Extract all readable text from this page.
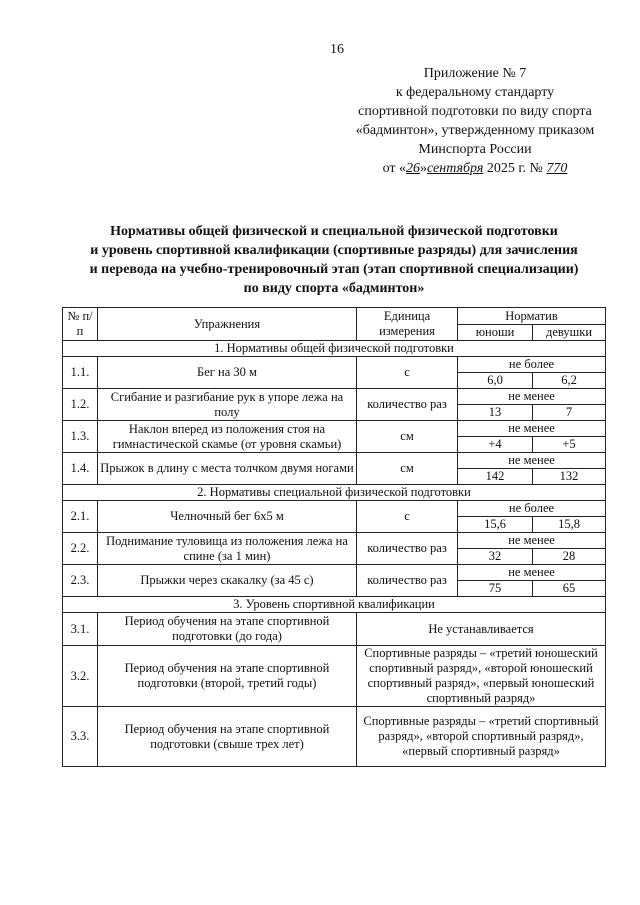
16
Приложение № 7
к федеральному стандарту
спортивной подготовки по виду спорта
«бадминтон», утвержденному приказом
Минспорта России
от «26»сентября 2025 г. № 770
Нормативы общей физической и специальной физической подготовки
и уровень спортивной квалификации (спортивные разряды) для зачисления
и перевода на учебно-тренировочный этап (этап спортивной специализации)
по виду спорта «бадминтон»
№ п/п	Упражнения	Единица измерения	Норматив	
			юноши	девушки
1. Нормативы общей физической подготовки				
1.1.	Бег на 30 м	с	не более	
			6,0	6,2
1.2.	Сгибание и разгибание рук в упоре лежа на полу	количество раз	не менее	
			13	7
1.3.	Наклон вперед из положения стоя на гимнастической скамье (от уровня скамьи)	см	не менее	
			+4	+5
1.4.	Прыжок в длину с места толчком двумя ногами	см	не менее	
			142	132
2. Нормативы специальной физической подготовки				
2.1.	Челночный бег 6х5 м	с	не более	
			15,6	15,8
2.2.	Поднимание туловища из положения лежа на спине (за 1 мин)	количество раз	не менее	
			32	28
2.3.	Прыжки через скакалку (за 45 с)	количество раз	не менее	
			75	65
3. Уровень спортивной квалификации				
3.1.	Период обучения на этапе спортивной подготовки (до года)	Не устанавливается		
3.2.	Период обучения на этапе спортивной подготовки (второй, третий годы)	Спортивные разряды – «третий юношеский спортивный разряд», «второй юношеский спортивный разряд», «первый юношеский спортивный разряд»		
3.3.	Период обучения на этапе спортивной подготовки (свыше трех лет)	Спортивные разряды – «третий спортивный разряд», «второй спортивный разряд», «первый спортивный разряд»		
